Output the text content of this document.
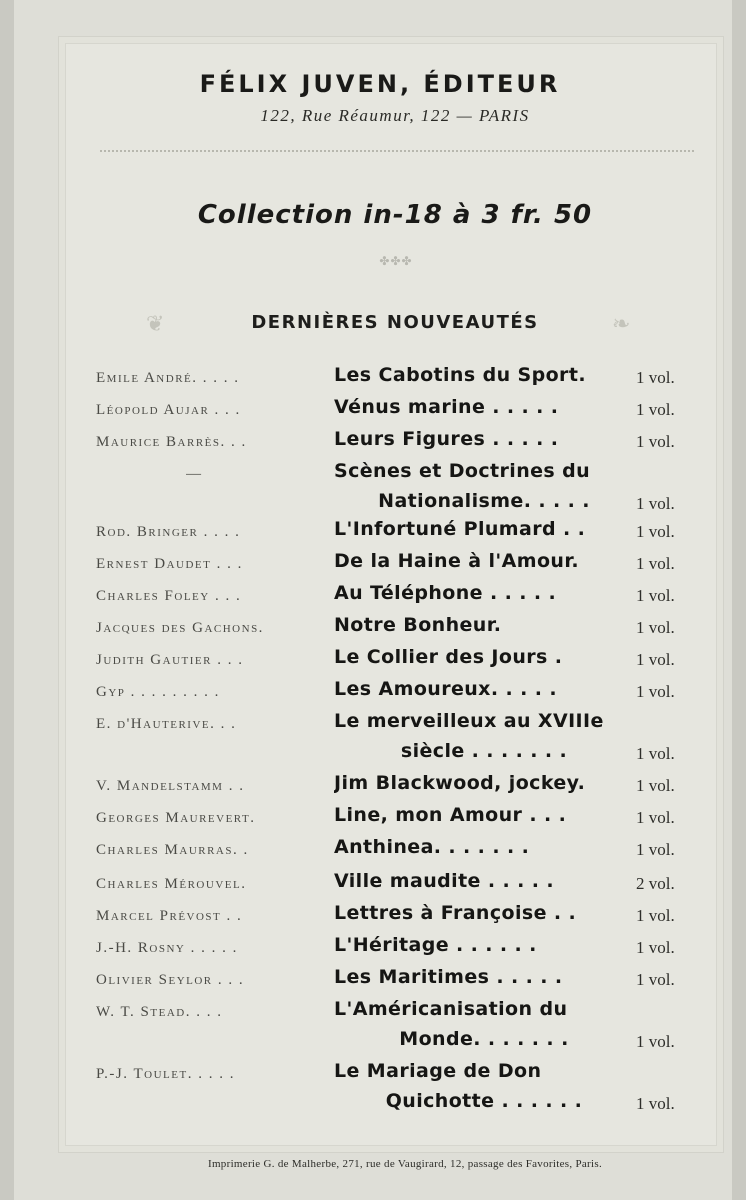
FÉLIX JUVEN, ÉDITEUR
122, Rue Réaumur, 122 — PARIS
Collection in-18 à 3 fr. 50
✤✤✤
❦	❧
DERNIÈRES NOUVEAUTÉS
Emile André. . . . .	Les Cabotins du Sport.	1 vol.
Léopold Aujar . . .	Vénus marine . . . . .	1 vol.
Maurice Barrès. . .	Leurs Figures . . . . .	1 vol.
—	Scènes et Doctrines du
Nationalisme. . . . .	1 vol.
Rod. Bringer . . . .	L'Infortuné Plumard . .	1 vol.
Ernest Daudet . . .	De la Haine à l'Amour.	1 vol.
Charles Foley . . .	Au Téléphone . . . . .	1 vol.
Jacques des Gachons.	Notre Bonheur.	1 vol.
Judith Gautier . . .	Le Collier des Jours .	1 vol.
Gyp . . . . . . . . .	Les Amoureux. . . . .	1 vol.
E. d'Hauterive. . .	Le merveilleux au XVIIIe
siècle . . . . . . .	1 vol.
V. Mandelstamm . .	Jim Blackwood, jockey.	1 vol.
Georges Maurevert.	Line, mon Amour . . .	1 vol.
Charles Maurras. .	Anthinea. . . . . . .	1 vol.
Charles Mérouvel.	Ville maudite . . . . .	2 vol.
Marcel Prévost . .	Lettres à Françoise . .	1 vol.
J.-H. Rosny . . . . .	L'Héritage . . . . . .	1 vol.
Olivier Seylor . . .	Les Maritimes . . . . .	1 vol.
W. T. Stead. . . .	L'Américanisation du
Monde. . . . . . .	1 vol.
P.-J. Toulet. . . . .	Le Mariage de Don
Quichotte . . . . . .	1 vol.
Imprimerie G. de Malherbe, 271, rue de Vaugirard, 12, passage des Favorites, Paris.
